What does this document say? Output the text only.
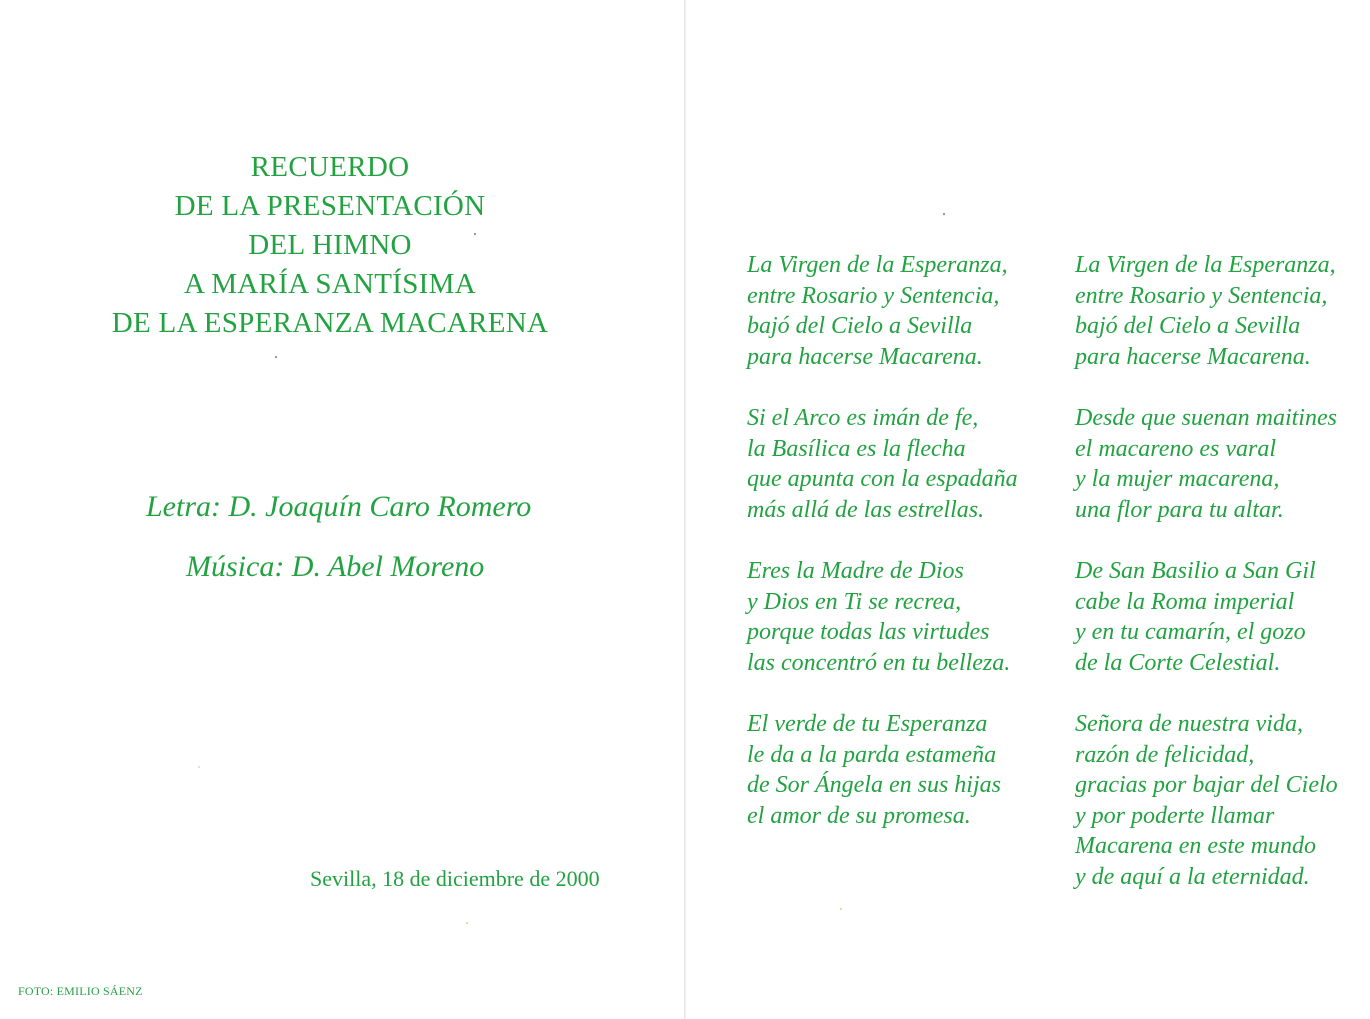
RECUERDO
DE LA PRESENTACIÓN
DEL HIMNO
A MARÍA SANTÍSIMA
DE LA ESPERANZA MACARENA
Letra: D. Joaquín Caro Romero
Música: D. Abel Moreno
Sevilla, 18 de diciembre de 2000
FOTO: EMILIO SÁENZ
La Virgen de la Esperanza,
entre Rosario y Sentencia,
bajó del Cielo a Sevilla
para hacerse Macarena.
Si el Arco es imán de fe,
la Basílica es la flecha
que apunta con la espadaña
más allá de las estrellas.
Eres la Madre de Dios
y Dios en Ti se recrea,
porque todas las virtudes
las concentró en tu belleza.
El verde de tu Esperanza
le da a la parda estameña
de Sor Ángela en sus hijas
el amor de su promesa.
La Virgen de la Esperanza,
entre Rosario y Sentencia,
bajó del Cielo a Sevilla
para hacerse Macarena.
Desde que suenan maitines
el macareno es varal
y la mujer macarena,
una flor para tu altar.
De San Basilio a San Gil
cabe la Roma imperial
y en tu camarín, el gozo
de la Corte Celestial.
Señora de nuestra vida,
razón de felicidad,
gracias por bajar del Cielo
y por poderte llamar
Macarena en este mundo
y de aquí a la eternidad.
